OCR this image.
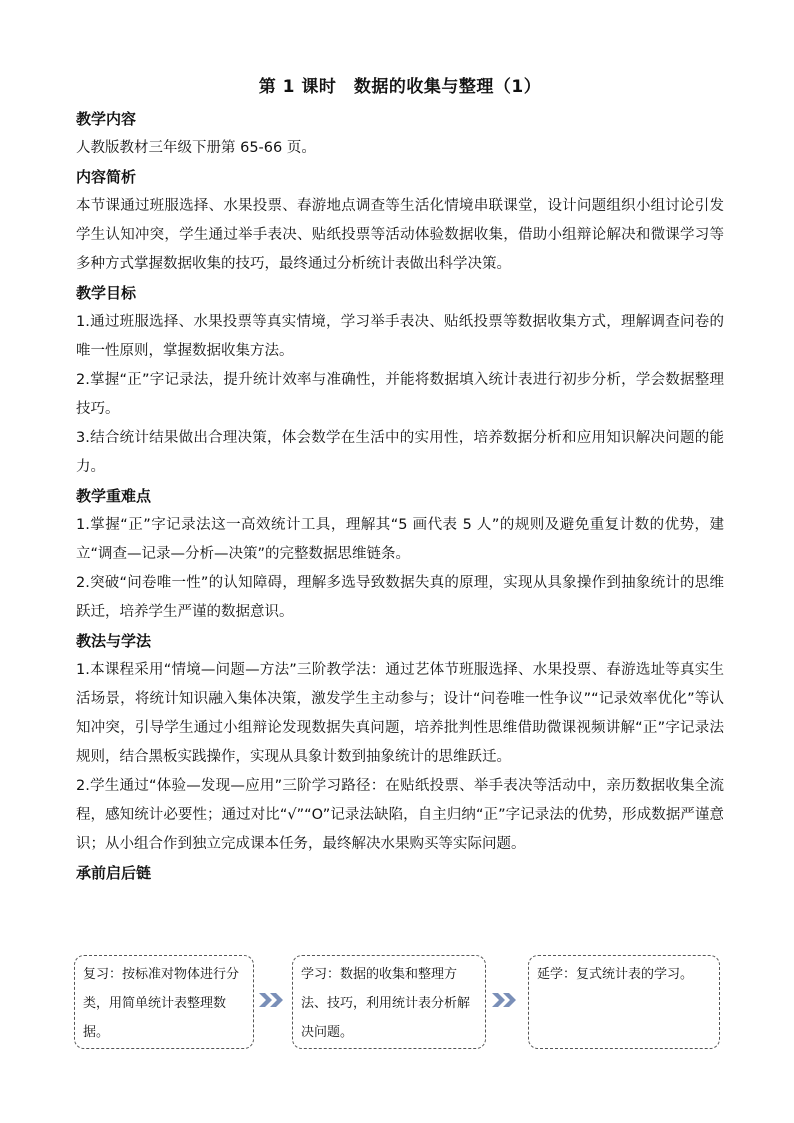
第 1 课时　数据的收集与整理（1）
教学内容
人教版教材三年级下册第 65-66 页。
内容简析
本节课通过班服选择、水果投票、春游地点调查等生活化情境串联课堂，设计问题组织小组讨论引发学生认知冲突，学生通过举手表决、贴纸投票等活动体验数据收集，借助小组辩论解决和微课学习等多种方式掌握数据收集的技巧，最终通过分析统计表做出科学决策。
教学目标
1.通过班服选择、水果投票等真实情境，学习举手表决、贴纸投票等数据收集方式，理解调查问卷的唯一性原则，掌握数据收集方法。
2.掌握“正”字记录法，提升统计效率与准确性，并能将数据填入统计表进行初步分析，学会数据整理技巧。
3.结合统计结果做出合理决策，体会数学在生活中的实用性，培养数据分析和应用知识解决问题的能力。
教学重难点
1.掌握“正”字记录法这一高效统计工具，理解其“5 画代表 5 人”的规则及避免重复计数的优势，建立“调查—记录—分析—决策”的完整数据思维链条。
2.突破“问卷唯一性”的认知障碍，理解多选导致数据失真的原理，实现从具象操作到抽象统计的思维跃迁，培养学生严谨的数据意识。
教法与学法
1.本课程采用“情境—问题—方法”三阶教学法：通过艺体节班服选择、水果投票、春游选址等真实生活场景，将统计知识融入集体决策，激发学生主动参与；设计“问卷唯一性争议”“记录效率优化”等认知冲突，引导学生通过小组辩论发现数据失真问题，培养批判性思维借助微课视频讲解“正”字记录法规则，结合黑板实践操作，实现从具象计数到抽象统计的思维跃迁。
2.学生通过“体验—发现—应用”三阶学习路径：在贴纸投票、举手表决等活动中，亲历数据收集全流程，感知统计必要性；通过对比“√”“O”记录法缺陷，自主归纳“正”字记录法的优势，形成数据严谨意识；从小组合作到独立完成课本任务，最终解决水果购买等实际问题。
承前启后链
复习：按标准对物体进行分类，用简单统计表整理数据。
学习：数据的收集和整理方法、技巧，利用统计表分析解决问题。
延学：复式统计表的学习。
